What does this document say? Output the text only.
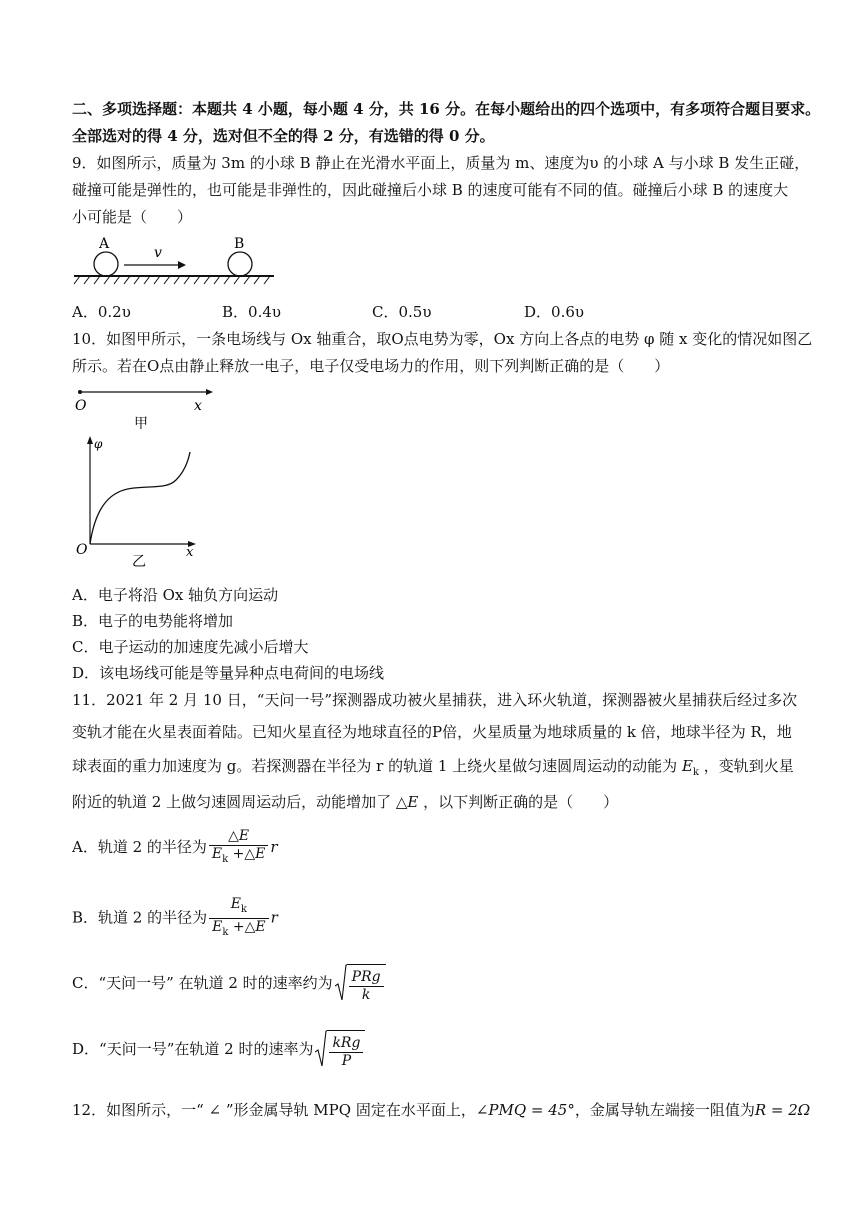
二、多项选择题：本题共 4 小题，每小题 4 分，共 16 分。在每小题给出的四个选项中，有多项符合题目要求。
全部选对的得 4 分，选对但不全的得 2 分，有选错的得 0 分。
9．如图所示，质量为 3m 的小球 B 静止在光滑水平面上，质量为 m、速度为υ 的小球 A 与小球 B 发生正碰，
碰撞可能是弹性的，也可能是非弹性的，因此碰撞后小球 B 的速度可能有不同的值。碰撞后小球 B 的速度大
小可能是（　　）
A
v
B
A．0.2υ	B．0.4υ	C．0.5υ	D．0.6υ
10．如图甲所示，一条电场线与 Ox 轴重合，取O点电势为零，Ox 方向上各点的电势 φ 随 x 变化的情况如图乙
所示。若在O点由静止释放一电子，电子仅受电场力的作用，则下列判断正确的是（　　）
O	x
甲
φ
O	x
乙
A．电子将沿 Ox 轴负方向运动
B．电子的电势能将增加
C．电子运动的加速度先减小后增大
D．该电场线可能是等量异种点电荷间的电场线
11．2021 年 2 月 10 日，“天问一号”探测器成功被火星捕获，进入环火轨道，探测器被火星捕获后经过多次
变轨才能在火星表面着陆。已知火星直径为地球直径的P倍，火星质量为地球质量的 k 倍，地球半径为 R，地
球表面的重力加速度为 g。若探测器在半径为 r 的轨道 1 上绕火星做匀速圆周运动的动能为 $E_k$ ，变轨到火星
附近的轨道 2 上做匀速圆周运动后，动能增加了 △E ，以下判断正确的是（　　）
A．轨道 2 的半径为 $\frac{\triangle E}{E_k +\triangle E}$ r
B．轨道 2 的半径为 $\frac{E_k}{E_k +\triangle E}$ r
C．“天问一号” 在轨道 2 时的速率约为 $\frac{\text{PRg}}{k}$
D．“天问一号”在轨道 2 时的速率为 $\frac{\text{kRg}}{P}$
12．如图所示，一“ ∠ ”形金属导轨 MPQ 固定在水平面上，∠PMQ = 45°，金属导轨左端接一阻值为R = 2Ω
